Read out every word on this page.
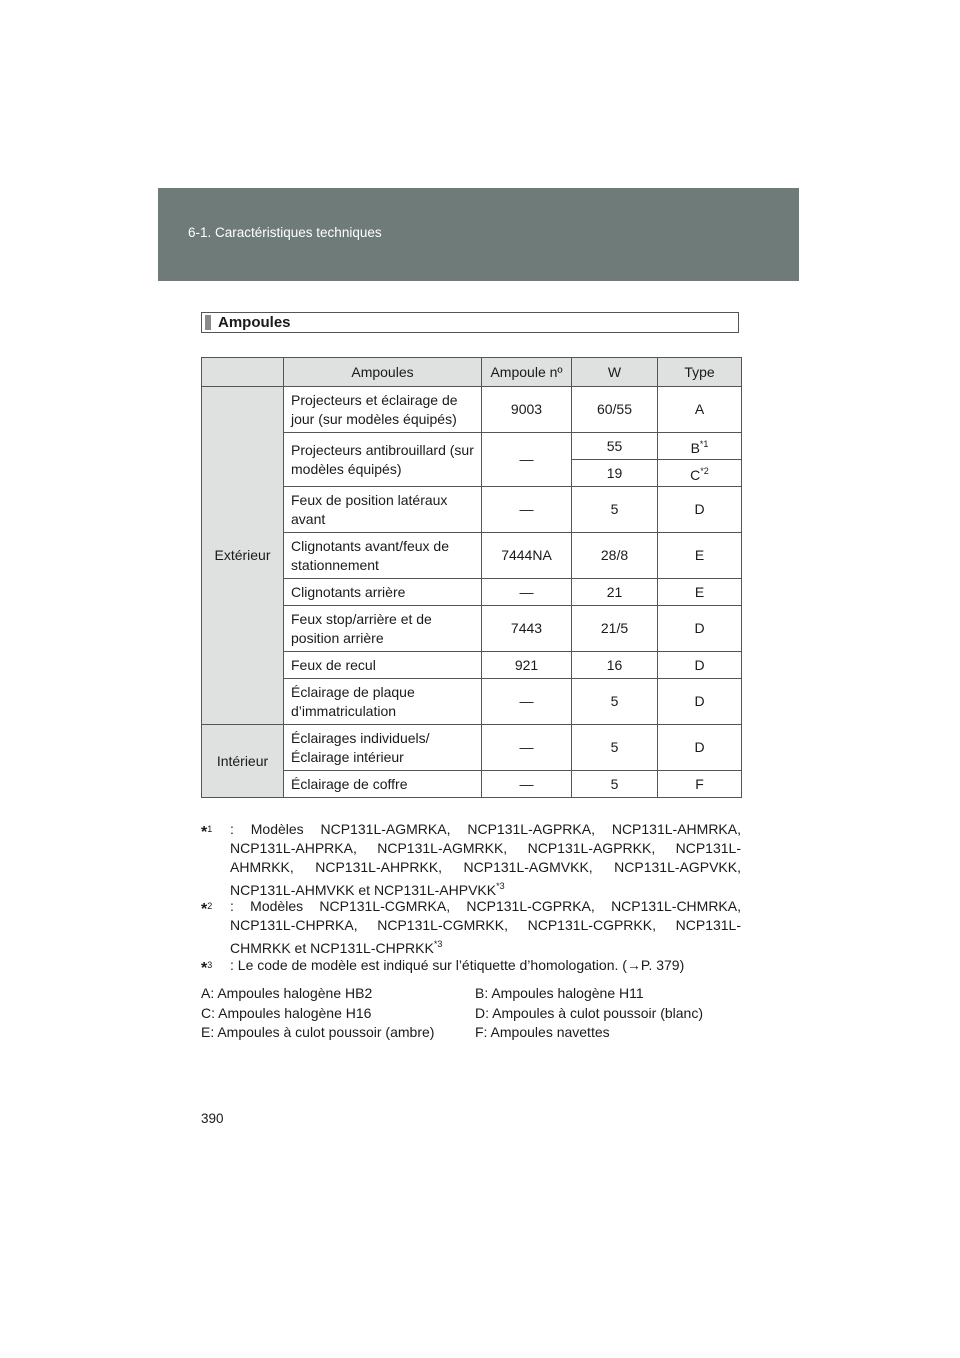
6-1. Caractéristiques techniques
Ampoules
	Ampoules	Ampoule nº	W	Type
Extérieur	Projecteurs et éclairage de jour (sur modèles équipés)	9003	60/55	A
	Projecteurs antibrouillard (sur modèles équipés)	—	55	$B^{*1}$
			19	$C^{*2}$
	Feux de position latéraux avant	—	5	D
	Clignotants avant/feux de stationnement	7444NA	28/8	E
	Clignotants arrière	—	21	E
	Feux stop/arrière et de position arrière	7443	21/5	D
	Feux de recul	921	16	D
	Éclairage de plaque d’immatriculation	—	5	D
Intérieur	Éclairages individuels/ Éclairage intérieur	—	5	D
	Éclairage de coffre	—	5	F
*$^1$ : Modèles NCP131L-AGMRKA, NCP131L-AGPRKA, NCP131L-AHMRKA, NCP131L-AHPRKA, NCP131L-AGMRKK, NCP131L-AGPRKK, NCP131L-AHMRKK, NCP131L-AHPRKK, NCP131L-AGMVKK, NCP131L-AGPVKK, NCP131L-AHMVKK et NCP131L-AHPVKK$^{*3}$
*$^2$ : Modèles NCP131L-CGMRKA, NCP131L-CGPRKA, NCP131L-CHMRKA, NCP131L-CHPRKA, NCP131L-CGMRKK, NCP131L-CGPRKK, NCP131L-CHMRKK et NCP131L-CHPRKK$^{*3}$
*$^3$ : Le code de modèle est indiqué sur l’étiquette d’homologation. (→P. 379)
A: Ampoules halogène HB2	B: Ampoules halogène H11
C: Ampoules halogène H16	D: Ampoules à culot poussoir (blanc)
E: Ampoules à culot poussoir (ambre)	F: Ampoules navettes
390
